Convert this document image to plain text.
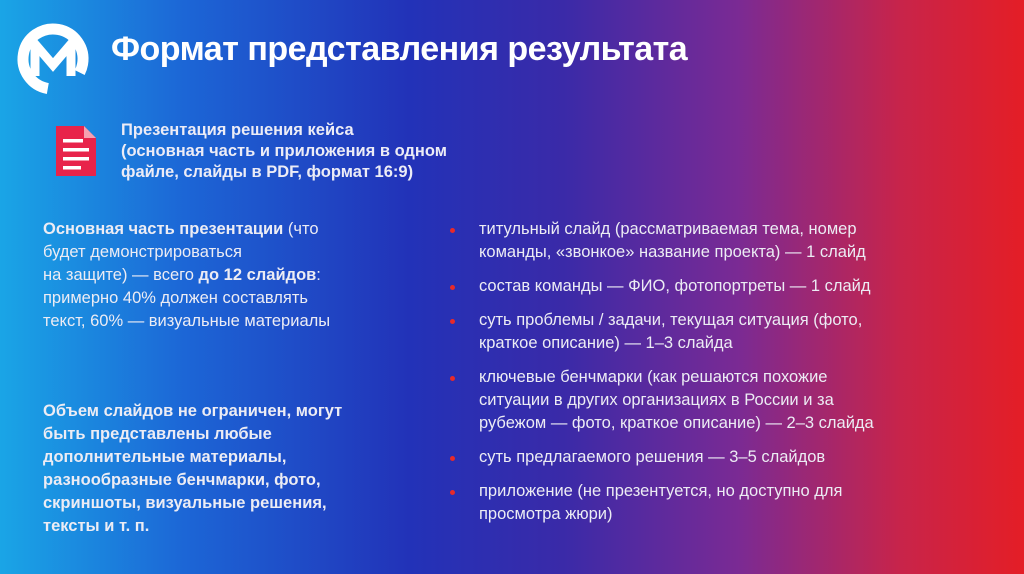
Формат представления результата
Презентация решения кейса
(основная часть и приложения в одном
файле, слайды в PDF, формат 16:9)
Основная часть презентации (что
будет демонстрироваться
на защите) — всего до 12 слайдов:
примерно 40% должен составлять
текст, 60% — визуальные материалы
Объем слайдов не ограничен, могут
быть представлены любые
дополнительные материалы,
разнообразные бенчмарки, фото,
скриншоты, визуальные решения,
тексты и т. п.
титульный слайд (рассматриваемая тема, номер
команды, «звонкое» название проекта) — 1 слайд
состав команды — ФИО, фотопортреты — 1 слайд
суть проблемы / задачи, текущая ситуация (фото,
краткое описание) — 1–3 слайда
ключевые бенчмарки (как решаются похожие
ситуации в других организациях в России и за
рубежом — фото, краткое описание) — 2–3 слайда
суть предлагаемого решения — 3–5 слайдов
приложение (не презентуется, но доступно для
просмотра жюри)
